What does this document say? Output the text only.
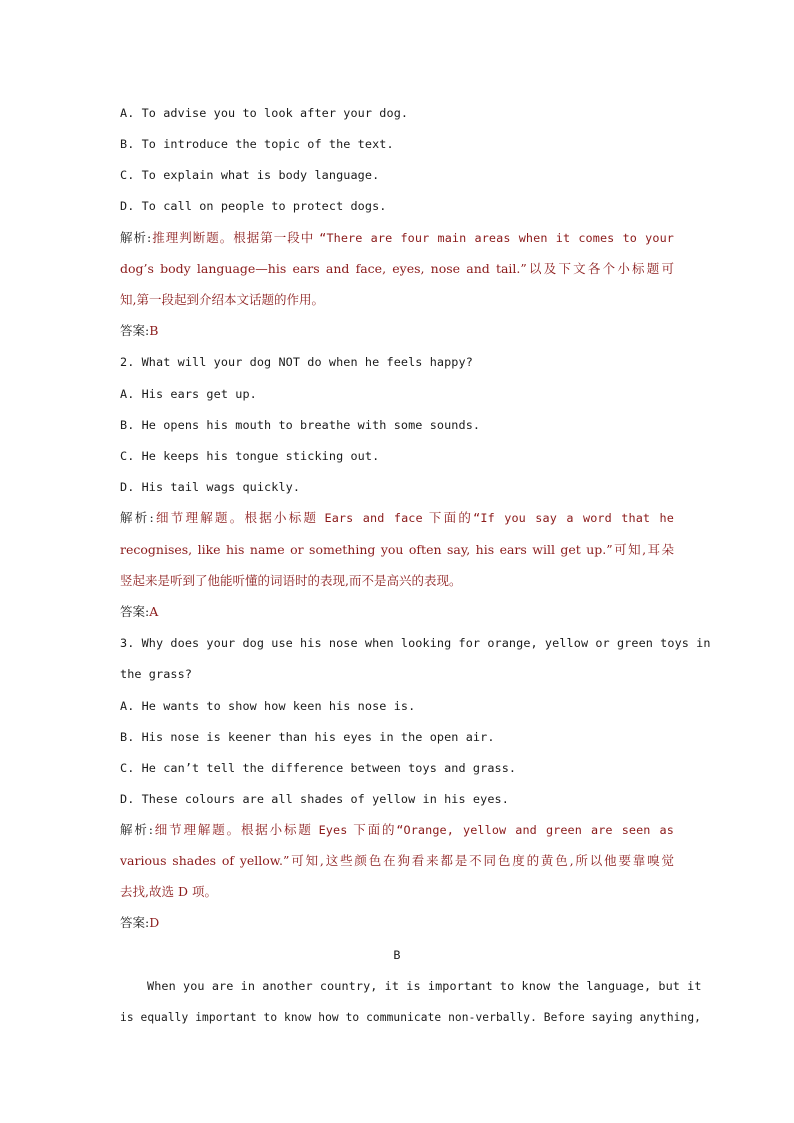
A. To advise you to look after your dog.
B. To introduce the topic of the text.
C. To explain what is body language.
D. To call on people to protect dogs.
解析:推理判断题。根据第一段中 “There are four main areas when it comes to your
dog’s body language—his ears and face, eyes, nose and tail.”以及下文各个小标题可
知,第一段起到介绍本文话题的作用。
答案:B
2. What will your dog NOT do when he feels happy?
A. His ears get up.
B. He opens his mouth to breathe with some sounds.
C. He keeps his tongue sticking out.
D. His tail wags quickly.
解析:细节理解题。根据小标题 Ears and face 下面的“If you say a word that he
recognises, like his name or something you often say, his ears will get up.”可知,耳朵
竖起来是听到了他能听懂的词语时的表现,而不是高兴的表现。
答案:A
3. Why does your dog use his nose when looking for orange, yellow or green toys in
the grass?
A. He wants to show how keen his nose is.
B. His nose is keener than his eyes in the open air.
C. He can’t tell the difference between toys and grass.
D. These colours are all shades of yellow in his eyes.
解析:细节理解题。根据小标题 Eyes 下面的“Orange, yellow and green are seen as
various shades of yellow.”可知,这些颜色在狗看来都是不同色度的黄色,所以他要靠嗅觉
去找,故选 D 项。
答案:D
B
When you are in another country, it is important to know the language, but it
is equally important to know how to communicate non-verbally. Before saying anything,
